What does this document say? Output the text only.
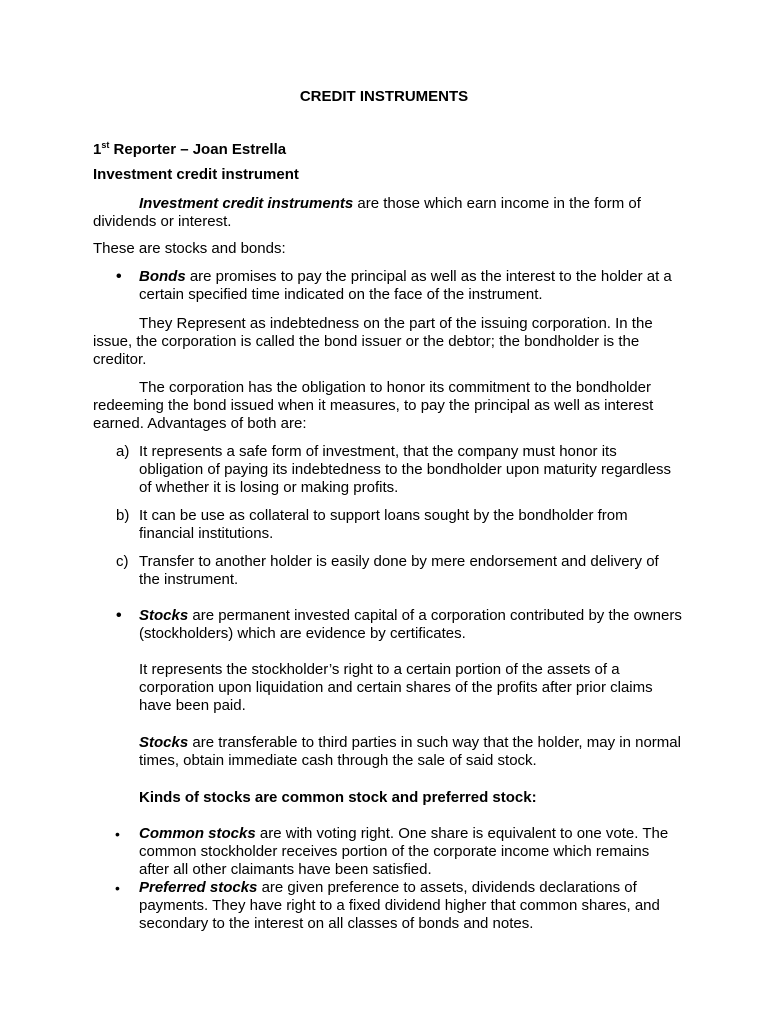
CREDIT INSTRUMENTS

1st Reporter – Joan Estrella

Investment credit instrument

Investment credit instruments are those which earn income in the form of dividends or interest.

These are stocks and bonds:

• Bonds are promises to pay the principal as well as the interest to the holder at a certain specified time indicated on the face of the instrument.

They Represent as indebtedness on the part of the issuing corporation. In the issue, the corporation is called the bond issuer or the debtor; the bondholder is the creditor.

The corporation has the obligation to honor its commitment to the bondholder redeeming the bond issued when it measures, to pay the principal as well as interest earned. Advantages of both are:

a) It represents a safe form of investment, that the company must honor its obligation of paying its indebtedness to the bondholder upon maturity regardless of whether it is losing or making profits.

b) It can be use as collateral to support loans sought by the bondholder from financial institutions.

c) Transfer to another holder is easily done by mere endorsement and delivery of the instrument.

• Stocks are permanent invested capital of a corporation contributed by the owners (stockholders) which are evidence by certificates.

It represents the stockholder’s right to a certain portion of the assets of a corporation upon liquidation and certain shares of the profits after prior claims have been paid.

Stocks are transferable to third parties in such way that the holder, may in normal times, obtain immediate cash through the sale of said stock.

Kinds of stocks are common stock and preferred stock:

• Common stocks are with voting right. One share is equivalent to one vote. The common stockholder receives portion of the corporate income which remains after all other claimants have been satisfied.

• Preferred stocks are given preference to assets, dividends declarations of payments. They have right to a fixed dividend higher that common shares, and secondary to the interest on all classes of bonds and notes.
